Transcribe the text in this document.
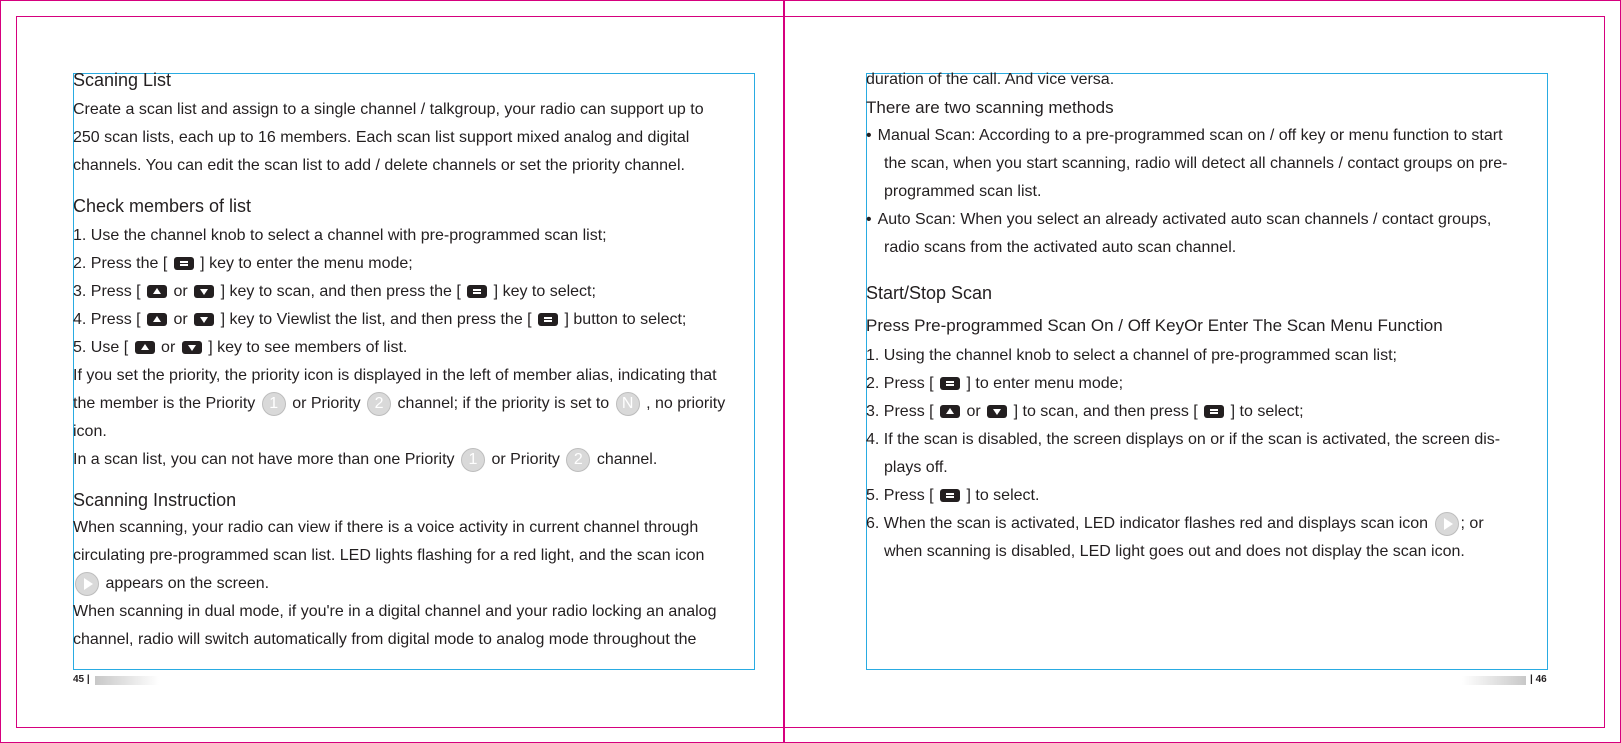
Scaning List

Create a scan list and assign to a single channel / talkgroup, your radio can support up to

250 scan lists, each up to 16 members. Each scan list support mixed analog and digital

channels. You can edit the scan list to add / delete channels or set the priority channel.

Check members of list

1. Use the channel knob to select a channel with pre-programmed scan list;

2. Press the [ ] key to enter the menu mode;

3. Press [ or ] key to scan, and then press the [ ] key to select;

4. Press [ or ] key to Viewlist the list, and then press the [ ] button to select;

5. Use [ or ] key to see members of list.

If you set the priority, the priority icon is displayed in the left of member alias, indicating that

the member is the Priority 1 or Priority 2 channel; if the priority is set to N , no priority

icon.

In a scan list, you can not have more than one Priority 1 or Priority 2 channel.

Scanning Instruction

When scanning, your radio can view if there is a voice activity in current channel through

circulating pre-programmed scan list. LED lights flashing for a red light, and the scan icon

appears on the screen.

When scanning in dual mode, if you're in a digital channel and your radio locking an analog

channel, radio will switch automatically from digital mode to analog mode throughout the

45 |

duration of the call. And vice versa.

There are two scanning methods

• Manual Scan: According to a pre-programmed scan on / off key or menu function to start

the scan, when you start scanning, radio will detect all channels / contact groups on pre-

programmed scan list.

• Auto Scan: When you select an already activated auto scan channels / contact groups,

radio scans from the activated auto scan channel.

Start/Stop Scan

Press Pre-programmed Scan On / Off KeyOr Enter The Scan Menu Function

1. Using the channel knob to select a channel of pre-programmed scan list;

2. Press [ ] to enter menu mode;

3. Press [ or ] to scan, and then press [ ] to select;

4. If the scan is disabled, the screen displays on or if the scan is activated, the screen dis-

plays off.

5. Press [ ] to select.

6. When the scan is activated, LED indicator flashes red and displays scan icon ; or

when scanning is disabled, LED light goes out and does not display the scan icon.

| 46
